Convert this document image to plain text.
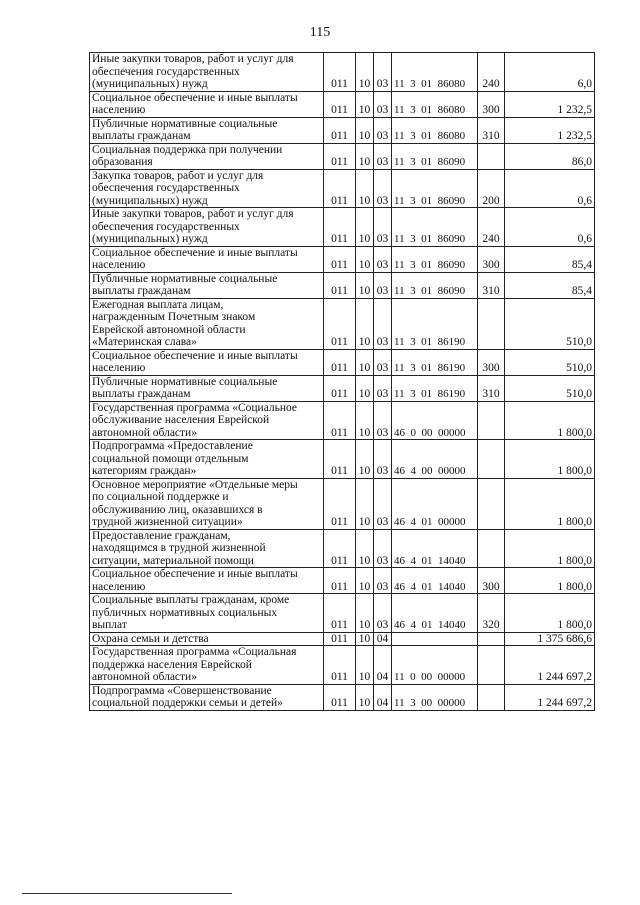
115
Иные закупки товаров, работ и услуг для
обеспечения государственных
(муниципальных) нужд	011	10	03	11  3  01  86080	240	6,0
Социальное обеспечение и иные выплаты
населению	011	10	03	11  3  01  86080	300	1 232,5
Публичные нормативные социальные
выплаты гражданам	011	10	03	11  3  01  86080	310	1 232,5
Социальная поддержка при получении
образования	011	10	03	11  3  01  86090		86,0
Закупка товаров, работ и услуг для
обеспечения государственных
(муниципальных) нужд	011	10	03	11  3  01  86090	200	0,6
Иные закупки товаров, работ и услуг для
обеспечения государственных
(муниципальных) нужд	011	10	03	11  3  01  86090	240	0,6
Социальное обеспечение и иные выплаты
населению	011	10	03	11  3  01  86090	300	85,4
Публичные нормативные социальные
выплаты гражданам	011	10	03	11  3  01  86090	310	85,4
Ежегодная выплата лицам,
награжденным Почетным знаком
Еврейской автономной области
«Материнская слава»	011	10	03	11  3  01  86190		510,0
Социальное обеспечение и иные выплаты
населению	011	10	03	11  3  01  86190	300	510,0
Публичные нормативные социальные
выплаты гражданам	011	10	03	11  3  01  86190	310	510,0
Государственная программа «Социальное
обслуживание населения Еврейской
автономной области»	011	10	03	46  0  00  00000		1 800,0
Подпрограмма «Предоставление
социальной помощи отдельным
категориям граждан»	011	10	03	46  4  00  00000		1 800,0
Основное мероприятие «Отдельные меры
по социальной поддержке и
обслуживанию лиц, оказавшихся в
трудной жизненной ситуации»	011	10	03	46  4  01  00000		1 800,0
Предоставление гражданам,
находящимся в трудной жизненной
ситуации, материальной помощи	011	10	03	46  4  01  14040		1 800,0
Социальное обеспечение и иные выплаты
населению	011	10	03	46  4  01  14040	300	1 800,0
Социальные выплаты гражданам, кроме
публичных нормативных социальных
выплат	011	10	03	46  4  01  14040	320	1 800,0
Охрана семьи и детства	011	10	04			1 375 686,6
Государственная программа «Социальная
поддержка населения Еврейской
автономной области»	011	10	04	11  0  00  00000		1 244 697,2
Подпрограмма «Совершенствование
социальной поддержки семьи и детей»	011	10	04	11  3  00  00000		1 244 697,2
